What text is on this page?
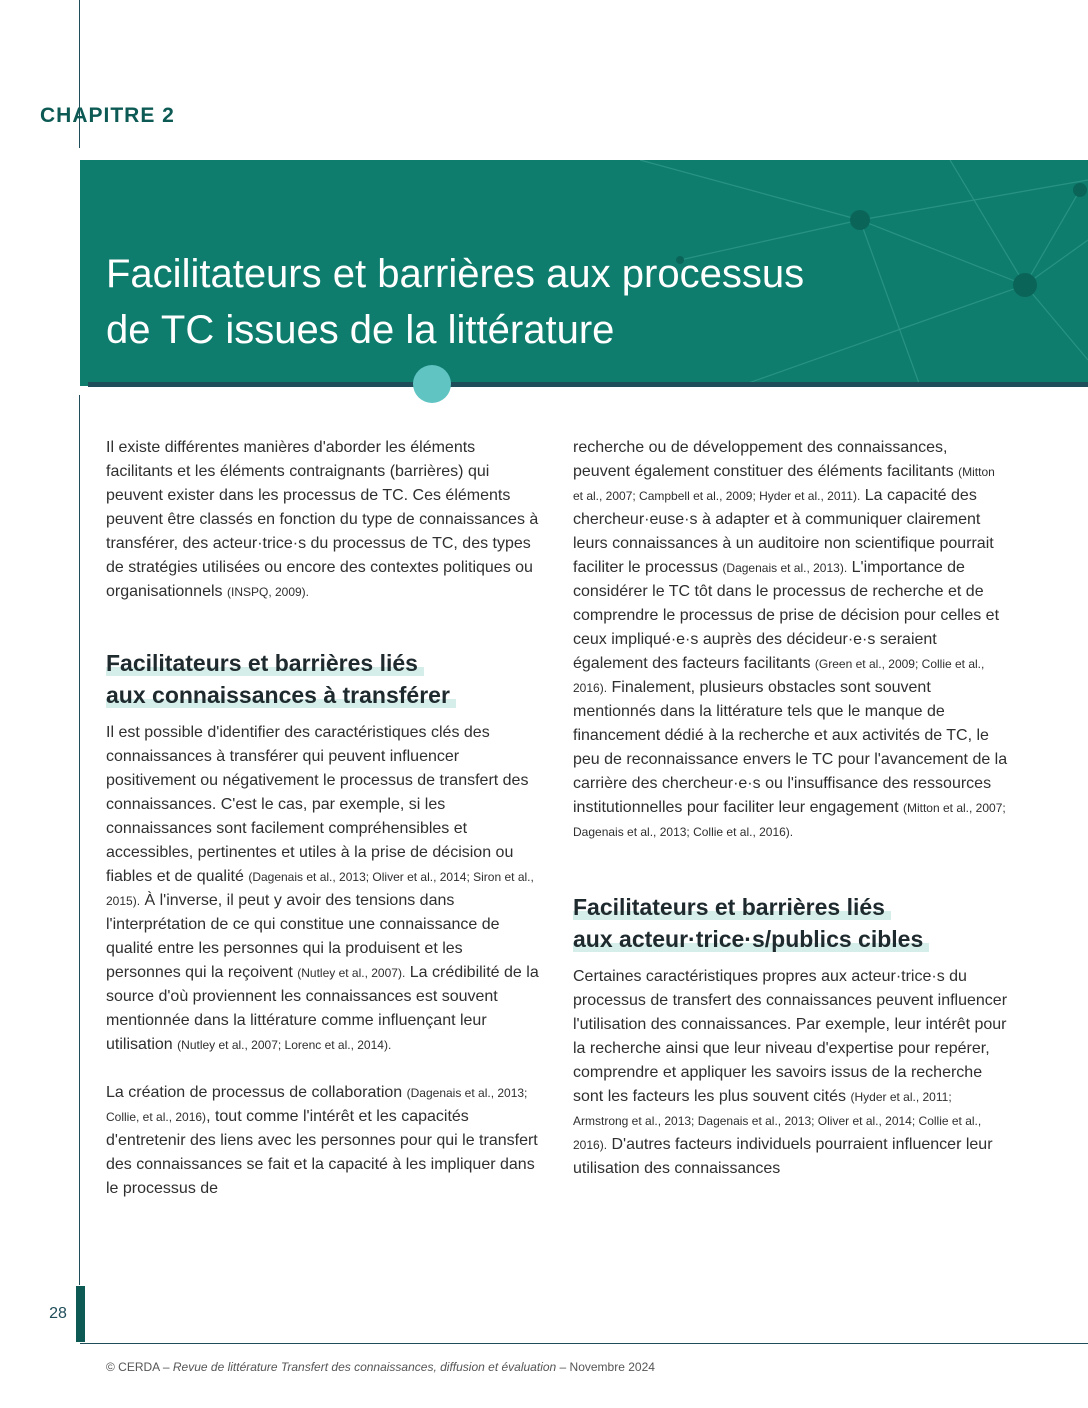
CHAPITRE 2
Facilitateurs et barrières aux processus
de TC issues de la littérature

Il existe différentes manières d'aborder les éléments facilitants et les éléments contraignants (barrières) qui peuvent exister dans les processus de TC. Ces éléments peuvent être classés en fonction du type de connaissances à transférer, des acteur·trice·s du processus de TC, des types de stratégies utilisées ou encore des contextes politiques ou organisationnels (INSPQ, 2009).

Facilitateurs et barrières liés
aux connaissances à transférer

Il est possible d'identifier des caractéristiques clés des connaissances à transférer qui peuvent influencer positivement ou négativement le processus de transfert des connaissances. C'est le cas, par exemple, si les connaissances sont facilement compréhensibles et accessibles, pertinentes et utiles à la prise de décision ou fiables et de qualité (Dagenais et al., 2013; Oliver et al., 2014; Siron et al., 2015). À l'inverse, il peut y avoir des tensions dans l'interprétation de ce qui constitue une connaissance de qualité entre les personnes qui la produisent et les personnes qui la reçoivent (Nutley et al., 2007). La crédibilité de la source d'où proviennent les connaissances est souvent mentionnée dans la littérature comme influençant leur utilisation (Nutley et al., 2007; Lorenc et al., 2014).

La création de processus de collaboration (Dagenais et al., 2013; Collie, et al., 2016), tout comme l'intérêt et les capacités d'entretenir des liens avec les personnes pour qui le transfert des connaissances se fait et la capacité à les impliquer dans le processus de

recherche ou de développement des connaissances, peuvent également constituer des éléments facilitants (Mitton et al., 2007; Campbell et al., 2009; Hyder et al., 2011). La capacité des chercheur·euse·s à adapter et à communiquer clairement leurs connaissances à un auditoire non scientifique pourrait faciliter le processus (Dagenais et al., 2013). L'importance de considérer le TC tôt dans le processus de recherche et de comprendre le processus de prise de décision pour celles et ceux impliqué·e·s auprès des décideur·e·s seraient également des facteurs facilitants (Green et al., 2009; Collie et al., 2016). Finalement, plusieurs obstacles sont souvent mentionnés dans la littérature tels que le manque de financement dédié à la recherche et aux activités de TC, le peu de reconnaissance envers le TC pour l'avancement de la carrière des chercheur·e·s ou l'insuffisance des ressources institutionnelles pour faciliter leur engagement (Mitton et al., 2007; Dagenais et al., 2013; Collie et al., 2016).

Facilitateurs et barrières liés
aux acteur·trice·s/publics cibles

Certaines caractéristiques propres aux acteur·trice·s du processus de transfert des connaissances peuvent influencer l'utilisation des connaissances. Par exemple, leur intérêt pour la recherche ainsi que leur niveau d'expertise pour repérer, comprendre et appliquer les savoirs issus de la recherche sont les facteurs les plus souvent cités (Hyder et al., 2011; Armstrong et al., 2013; Dagenais et al., 2013; Oliver et al., 2014; Collie et al., 2016). D'autres facteurs individuels pourraient influencer leur utilisation des connaissances

28
© CERDA – Revue de littérature Transfert des connaissances, diffusion et évaluation – Novembre 2024
